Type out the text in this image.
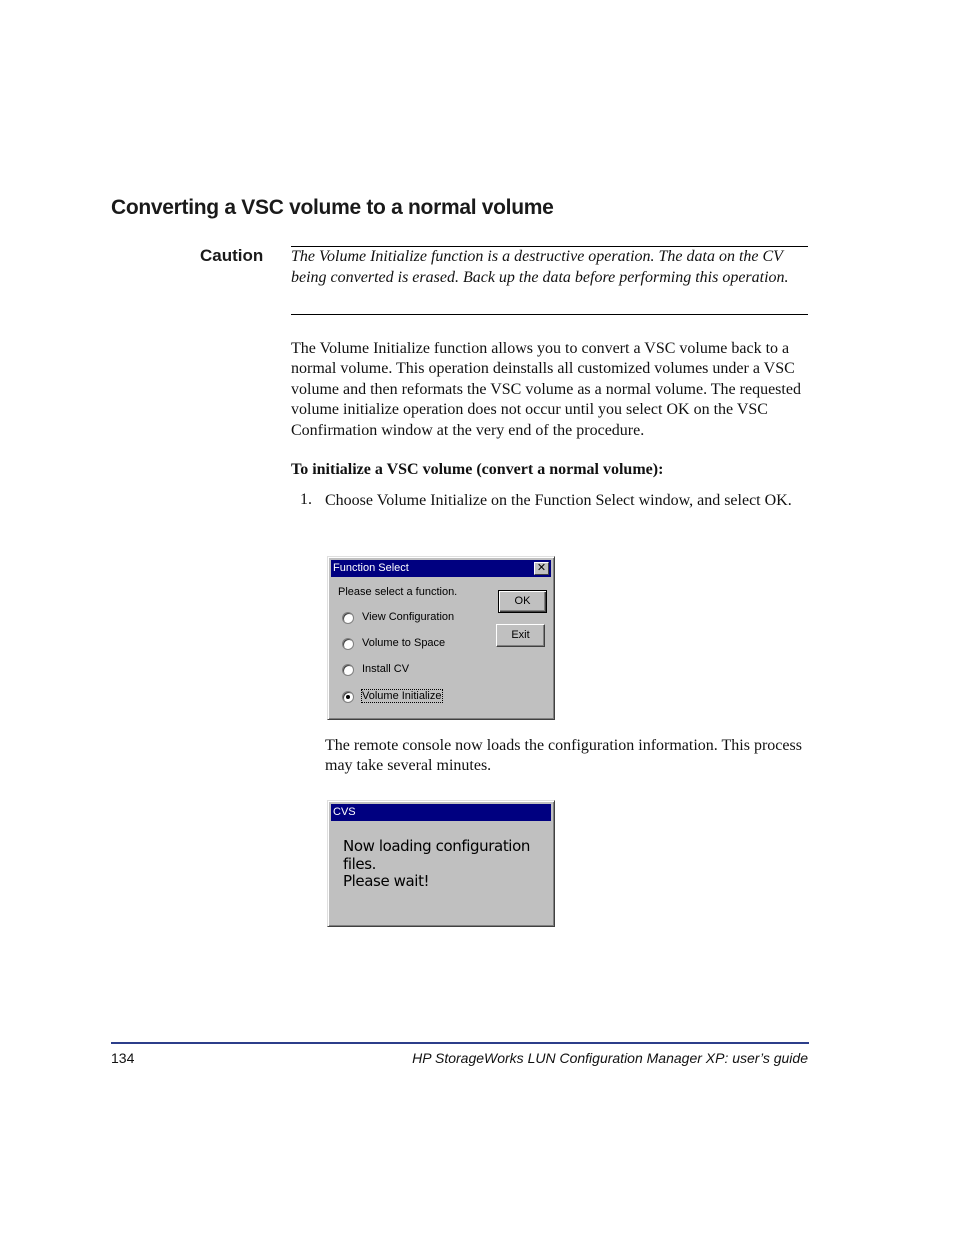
Converting a VSC volume to a normal volume
Caution The Volume Initialize function is a destructive operation. The data on the CV being converted is erased. Back up the data before performing this operation.
The Volume Initialize function allows you to convert a VSC volume back to a normal volume. This operation deinstalls all customized volumes under a VSC volume and then reformats the VSC volume as a normal volume. The requested volume initialize operation does not occur until you select OK on the VSC Confirmation window at the very end of the procedure.
To initialize a VSC volume (convert a normal volume):
1. Choose Volume Initialize on the Function Select window, and select OK.
Function Select	✕
Please select a function.
View Configuration
Volume to Space
Install CV
Volume Initialize
OK
Exit
The remote console now loads the configuration information. This process may take several minutes.
CVS
Now loading configuration files.
Please wait!
134	HP StorageWorks LUN Configuration Manager XP: user’s guide
